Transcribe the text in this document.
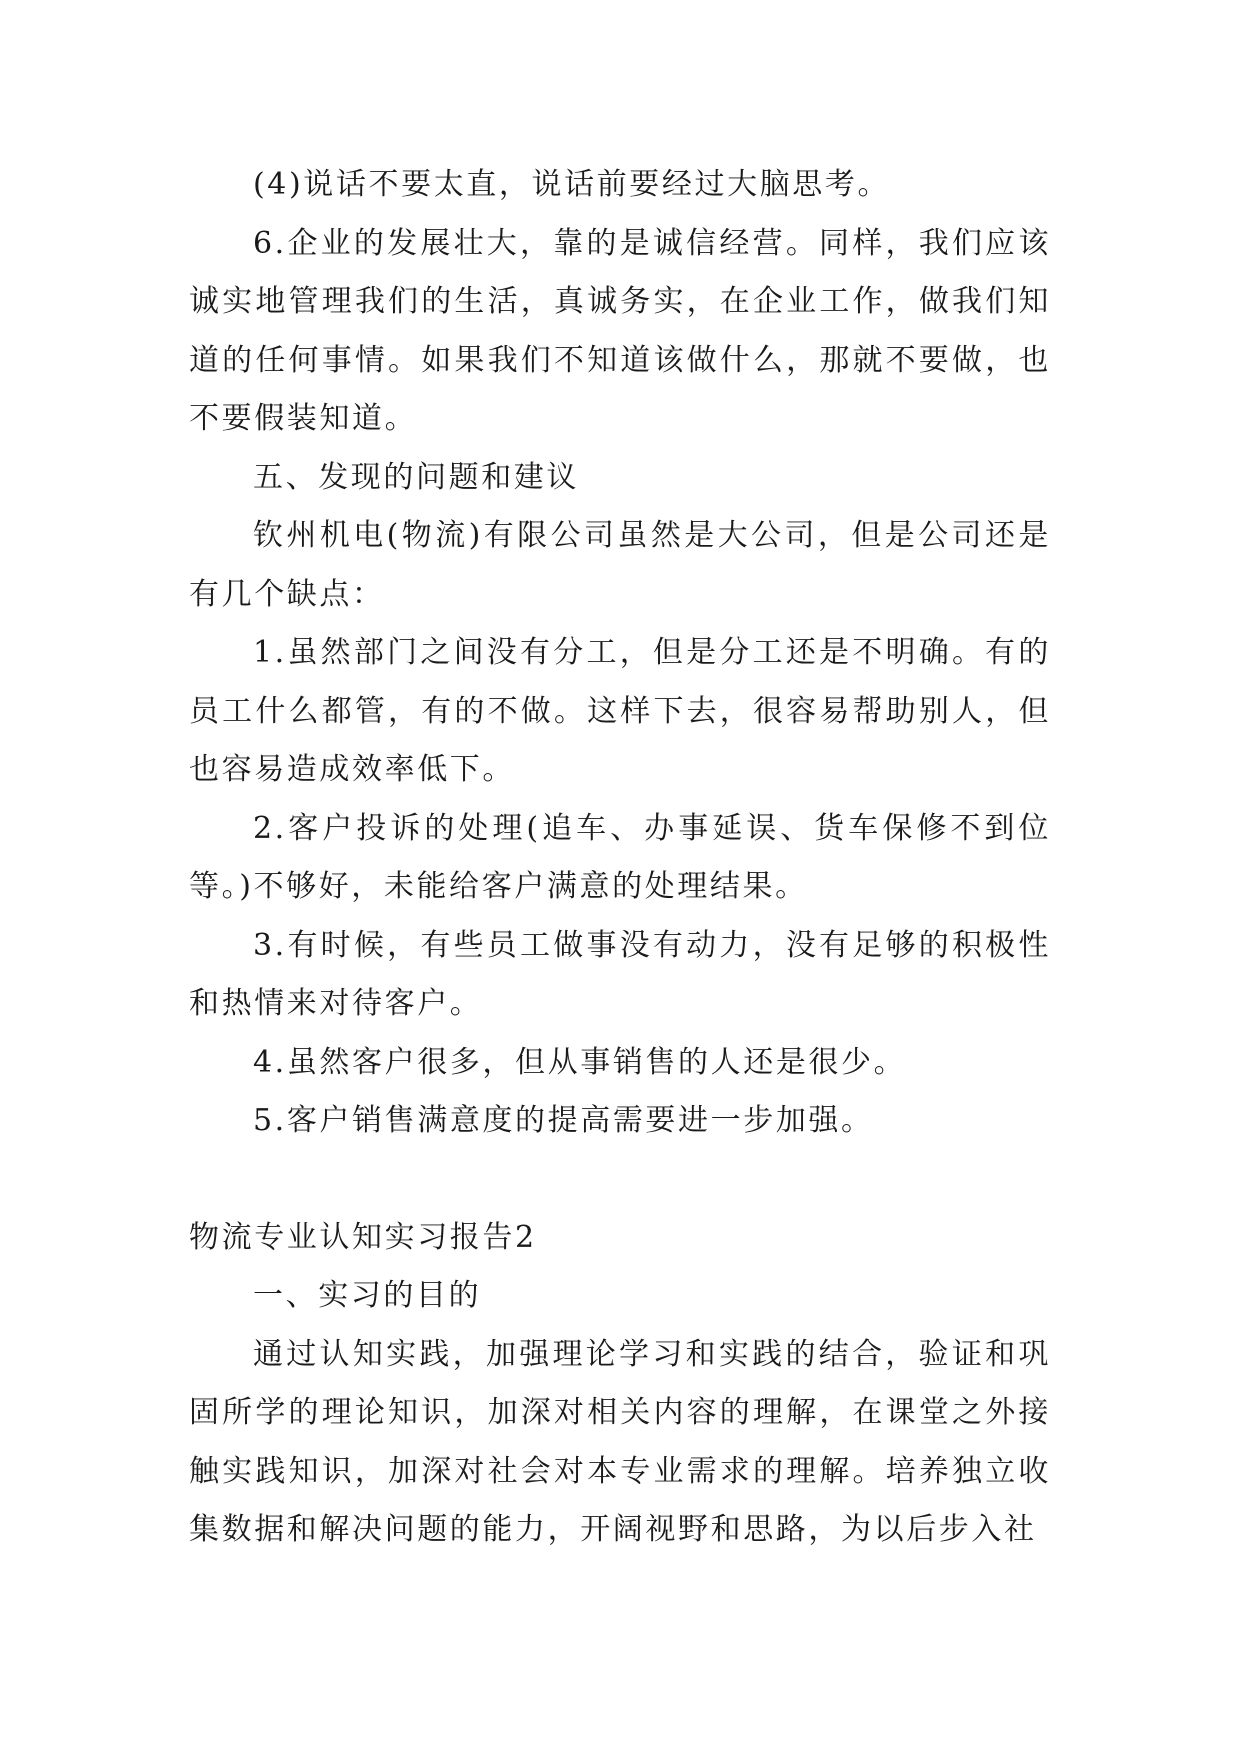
(4)说话不要太直，说话前要经过大脑思考。

6.企业的发展壮大，靠的是诚信经营。同样，我们应该诚实地管理我们的生活，真诚务实，在企业工作，做我们知道的任何事情。如果我们不知道该做什么，那就不要做，也不要假装知道。

五、发现的问题和建议

钦州机电(物流)有限公司虽然是大公司，但是公司还是有几个缺点：

1.虽然部门之间没有分工，但是分工还是不明确。有的员工什么都管，有的不做。这样下去，很容易帮助别人，但也容易造成效率低下。

2.客户投诉的处理(追车、办事延误、货车保修不到位等。)不够好，未能给客户满意的处理结果。

3.有时候，有些员工做事没有动力，没有足够的积极性和热情来对待客户。

4.虽然客户很多，但从事销售的人还是很少。

5.客户销售满意度的提高需要进一步加强。

物流专业认知实习报告2

一、实习的目的

通过认知实践，加强理论学习和实践的结合，验证和巩固所学的理论知识，加深对相关内容的理解，在课堂之外接触实践知识，加深对社会对本专业需求的理解。培养独立收集数据和解决问题的能力，开阔视野和思路，为以后步入社
